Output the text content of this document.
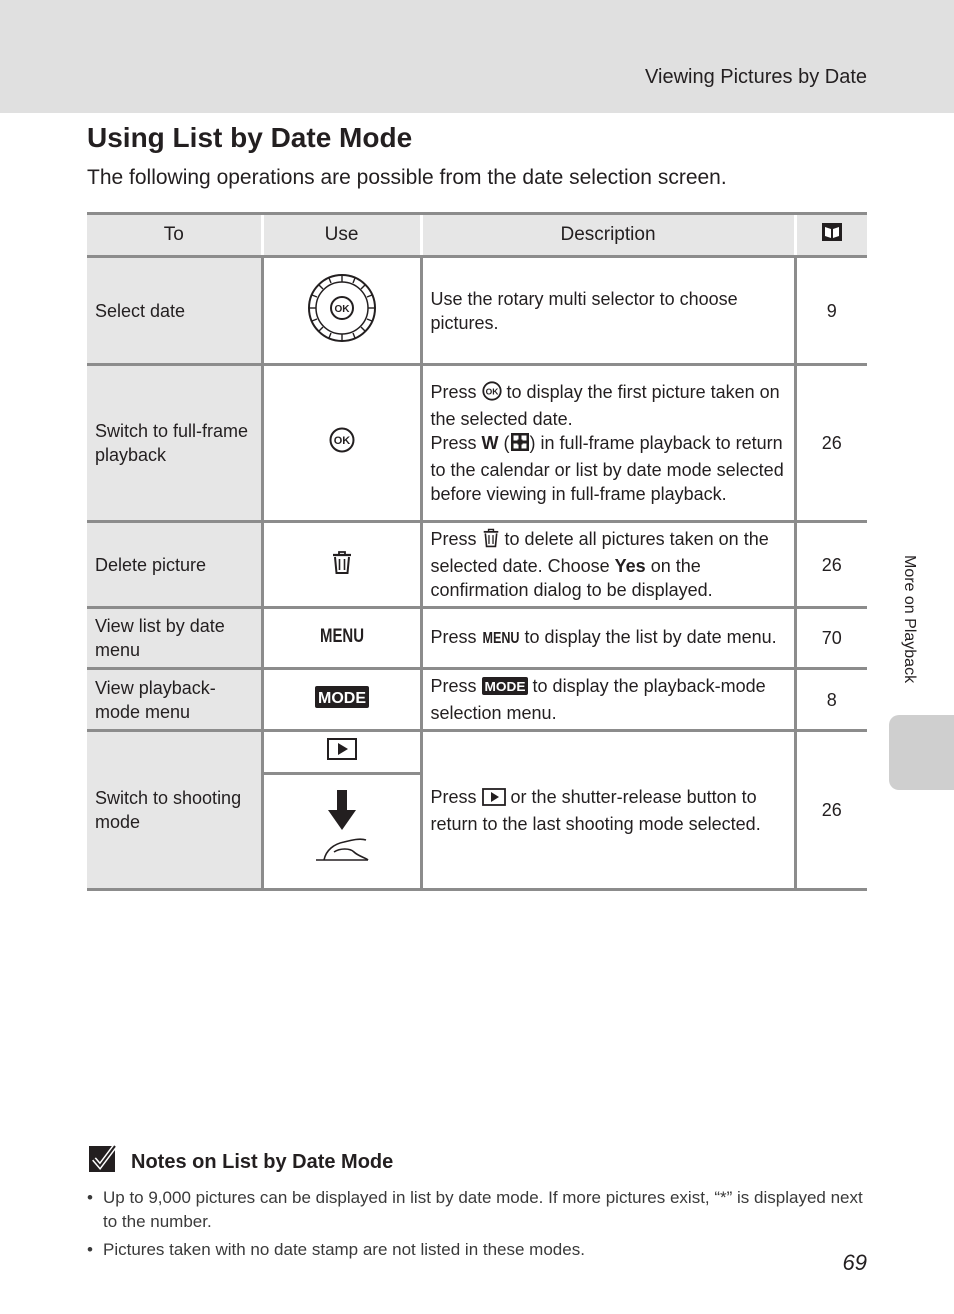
Viewing Pictures by Date
Using List by Date Mode
The following operations are possible from the date selection screen.
To	Use	Description	
Select date	OK	Use the rotary multi selector to choose pictures.	9
Switch to full-frame playback	OK	Press OK to display the first picture taken on the selected date.
Press W ( ) in full-frame playback to return to the calendar or list by date mode selected before viewing in full-frame playback.	26
Delete picture		Press to delete all pictures taken on the selected date. Choose Yes on the confirmation dialog to be displayed.	26
View list by date menu	MENU	Press MENU to display the list by date menu.	70
View playback-mode menu	MODE	Press MODE to display the playback-mode selection menu.	8
Switch to shooting mode		Press or the shutter-release button to return to the last shooting mode selected.	26
More on Playback
Notes on List by Date Mode
• Up to 9,000 pictures can be displayed in list by date mode. If more pictures exist, “*” is displayed next to the number.
• Pictures taken with no date stamp are not listed in these modes.
69
